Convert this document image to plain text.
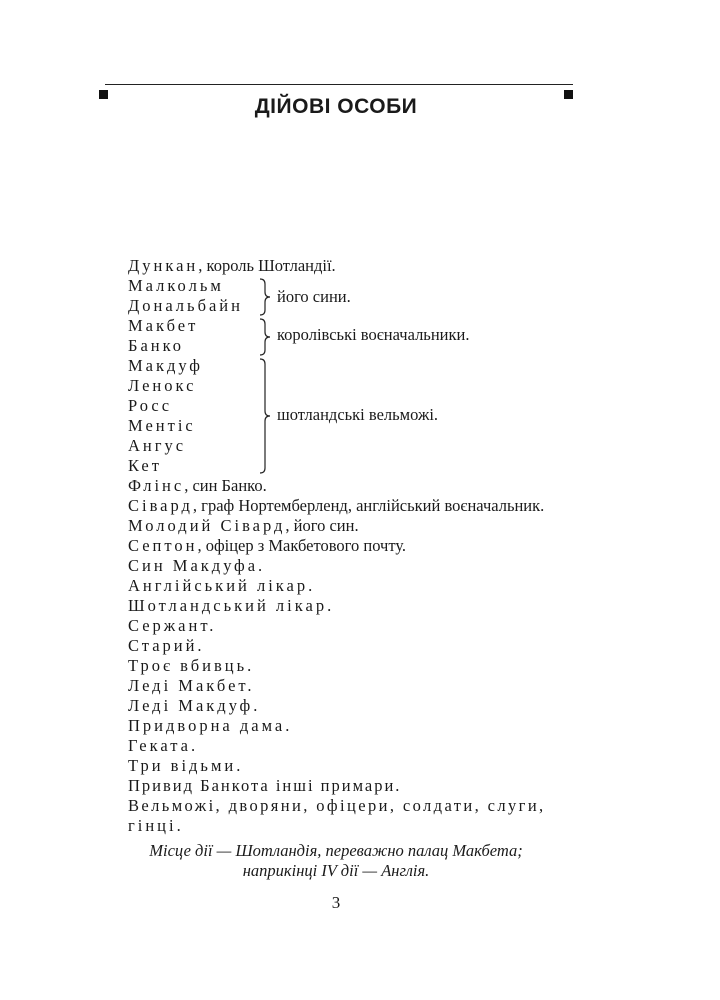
ДІЙОВІ ОСОБИ
Дункан, король Шотландії.
Малкольм
Дональбайн
Макбет
Банко
Макдуф
Ленокс
Росс
Ментіс
Ангус
Кет
Флінс, син Банко.
Сівард, граф Нортемберленд, англійський воєначальник.
Молодий Сівард, його син.
Септон, офіцер з Макбетового почту.
Син Макдуфа.
Англійський лікар.
Шотландський лікар.
Сержант.
Старий.
Троє вбивць.
Леді Макбет.
Леді Макдуф.
Придворна дама.
Геката.
Три відьми.
Привид Банкота інші примари.
Вельможі, дворяни, офіцери, солдати, слуги,
гінці.
його сини.
королівські воєначальники.
шотландські вельможі.
Місце дії — Шотландія, переважно палац Макбета;
наприкінці IV дії — Англія.
3
